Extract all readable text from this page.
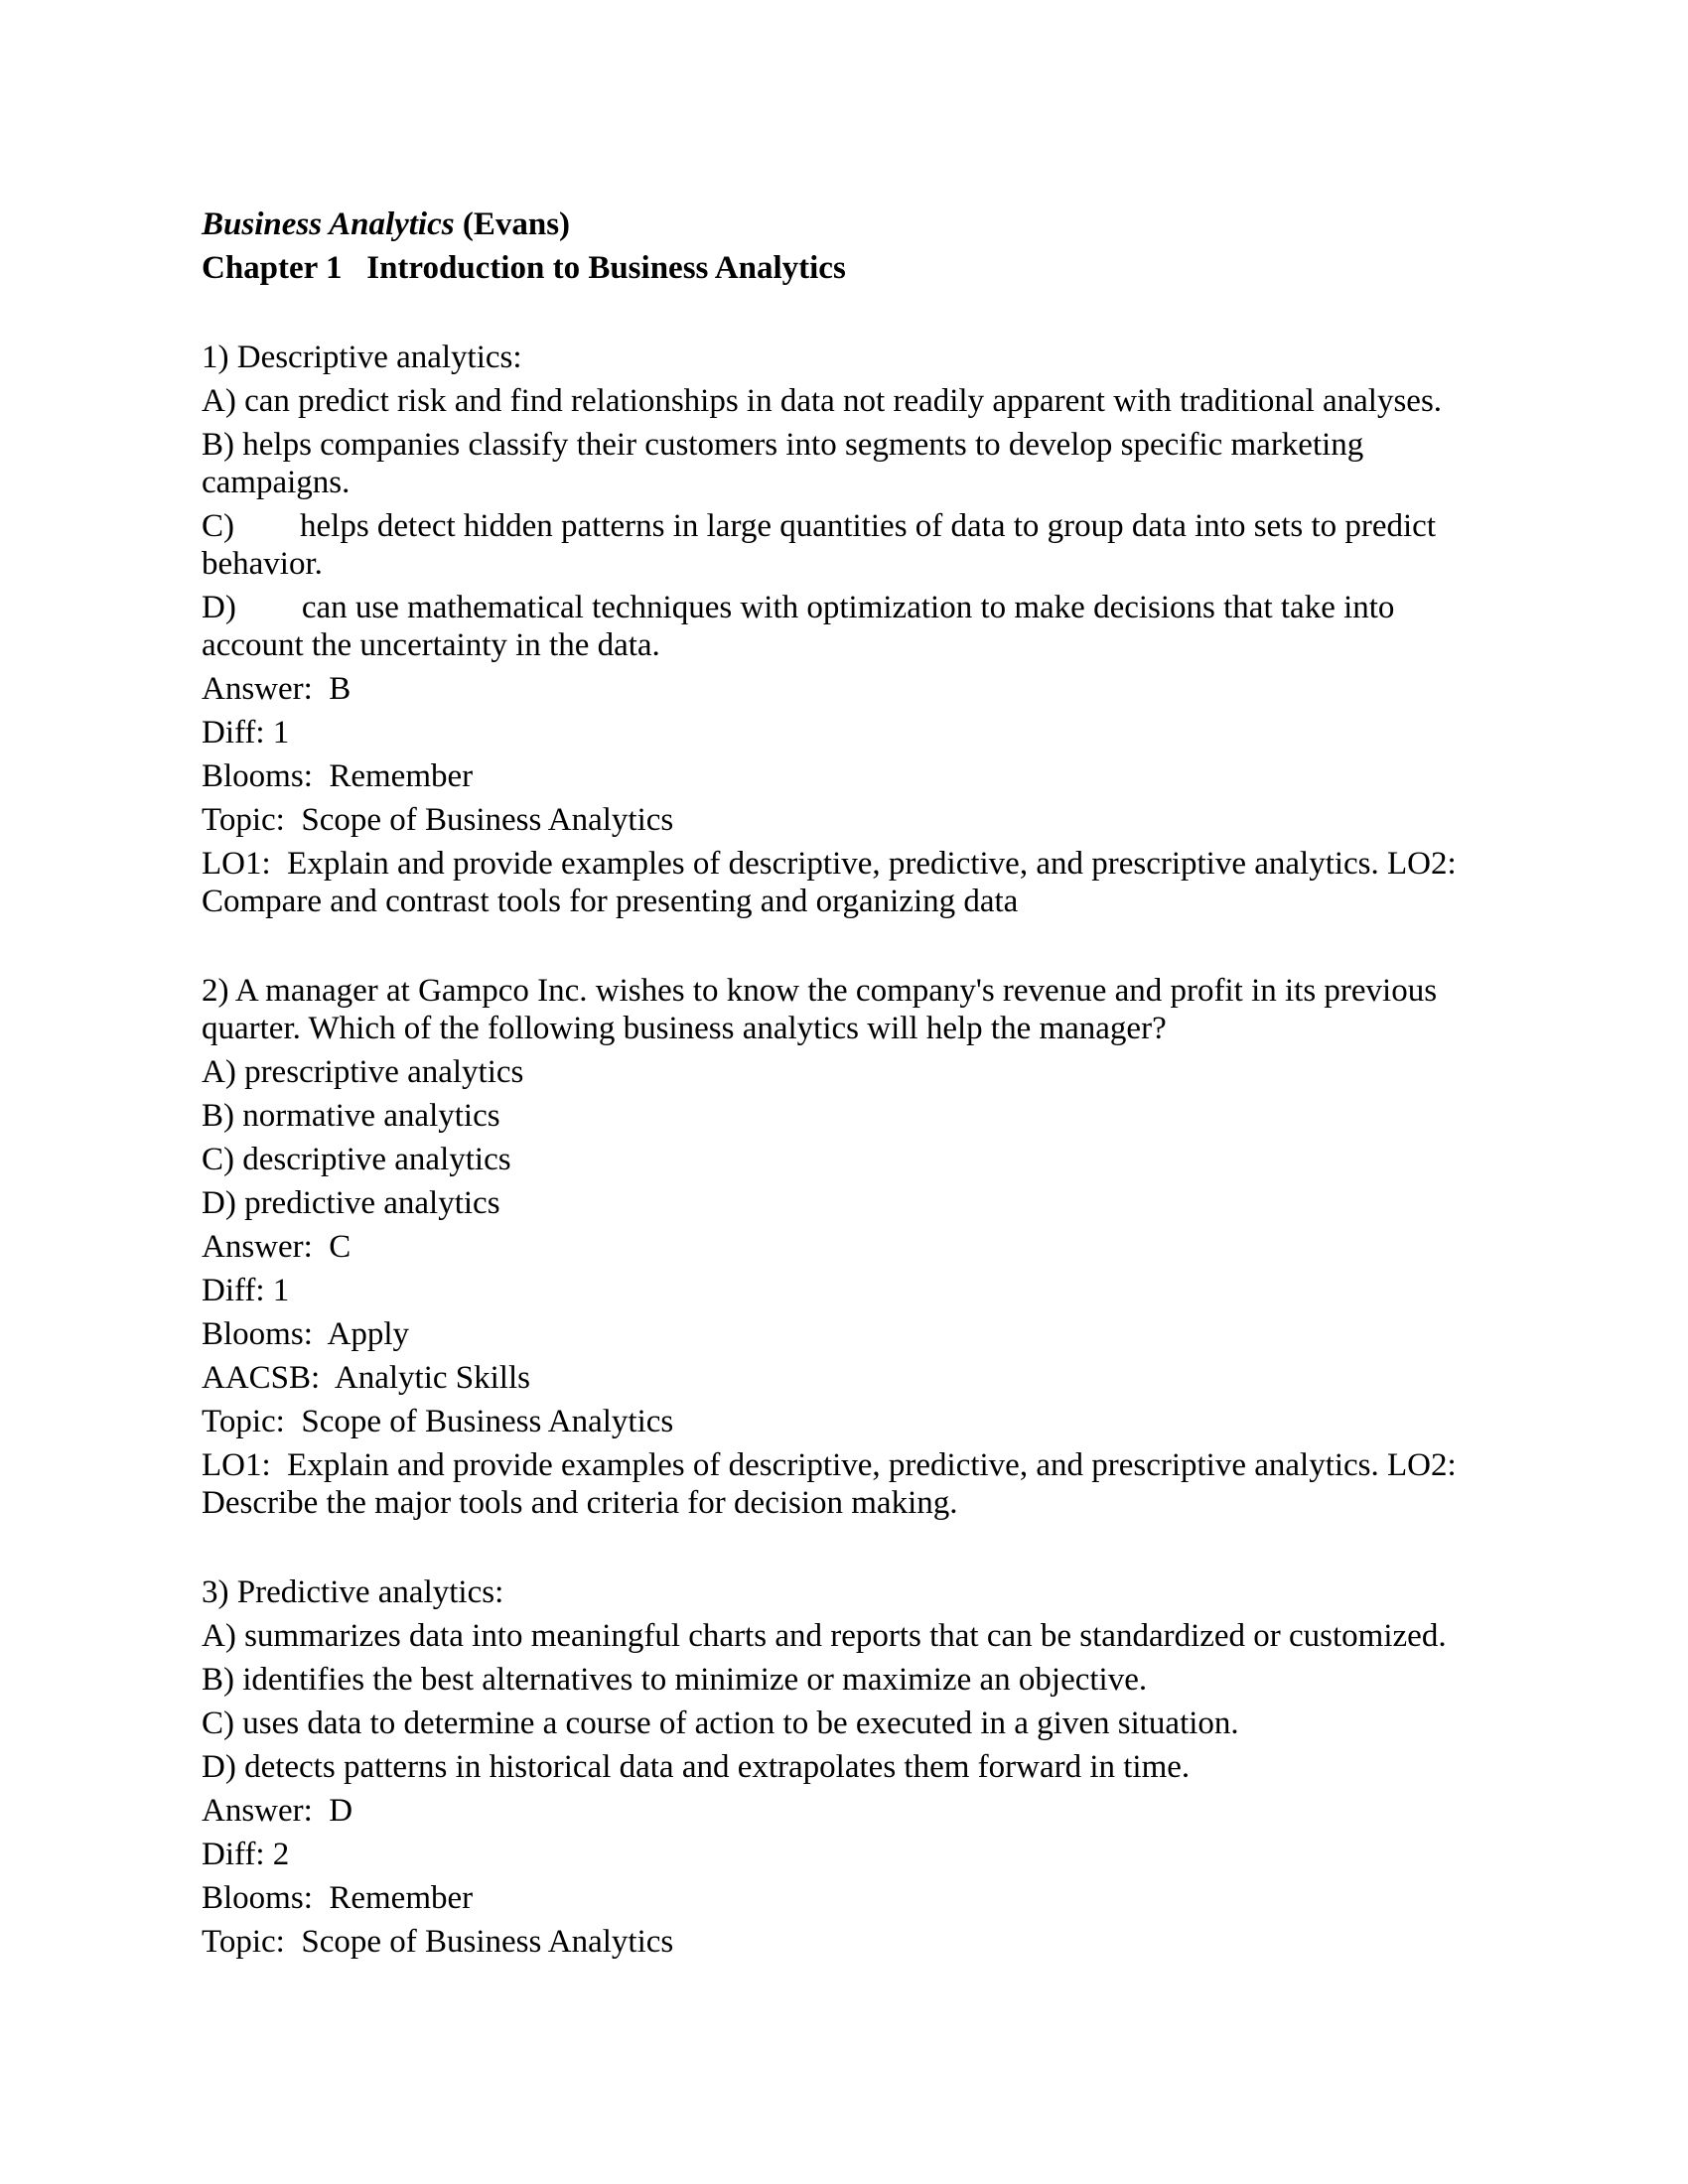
Business Analytics (Evans)
Chapter 1   Introduction to Business Analytics
1) Descriptive analytics:
A) can predict risk and find relationships in data not readily apparent with traditional analyses.
B) helps companies classify their customers into segments to develop specific marketing
campaigns.
C)        helps detect hidden patterns in large quantities of data to group data into sets to predict
behavior.
D)        can use mathematical techniques with optimization to make decisions that take into
account the uncertainty in the data.
Answer:  B
Diff: 1
Blooms:  Remember
Topic:  Scope of Business Analytics
LO1:  Explain and provide examples of descriptive, predictive, and prescriptive analytics. LO2:
Compare and contrast tools for presenting and organizing data
2) A manager at Gampco Inc. wishes to know the company's revenue and profit in its previous
quarter. Which of the following business analytics will help the manager?
A) prescriptive analytics
B) normative analytics
C) descriptive analytics
D) predictive analytics
Answer:  C
Diff: 1
Blooms:  Apply
AACSB:  Analytic Skills
Topic:  Scope of Business Analytics
LO1:  Explain and provide examples of descriptive, predictive, and prescriptive analytics. LO2:
Describe the major tools and criteria for decision making.
3) Predictive analytics:
A) summarizes data into meaningful charts and reports that can be standardized or customized.
B) identifies the best alternatives to minimize or maximize an objective.
C) uses data to determine a course of action to be executed in a given situation.
D) detects patterns in historical data and extrapolates them forward in time.
Answer:  D
Diff: 2
Blooms:  Remember
Topic:  Scope of Business Analytics
